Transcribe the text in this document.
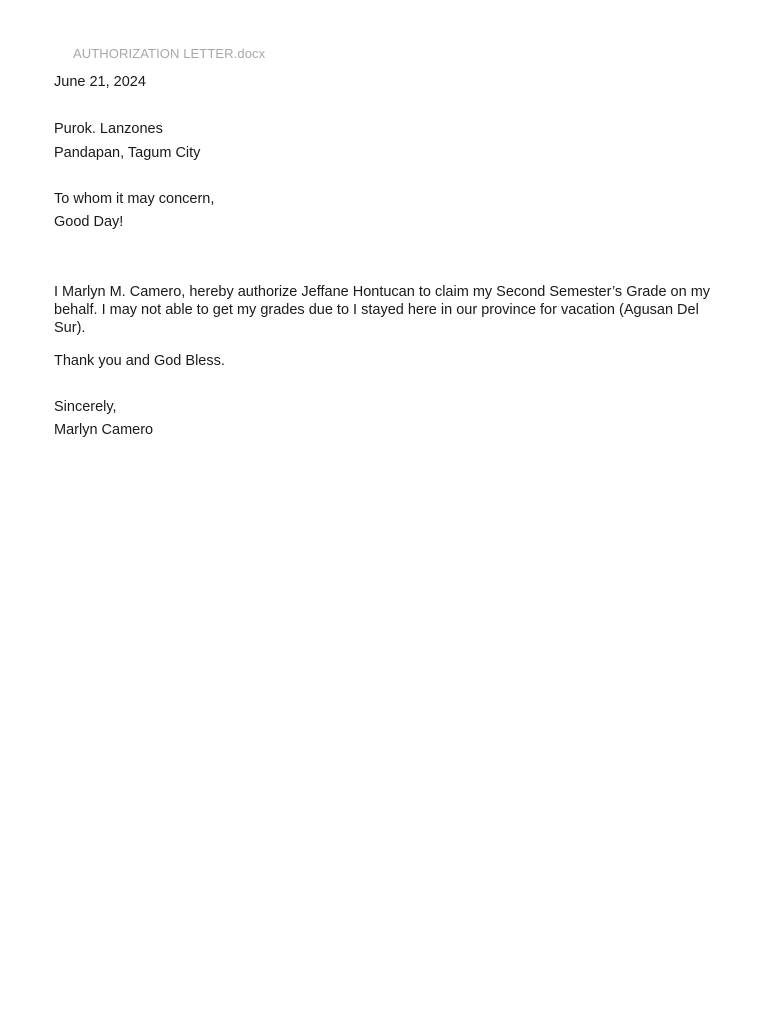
AUTHORIZATION LETTER.docx

June 21, 2024

Purok. Lanzones

Pandapan, Tagum City

To whom it may concern,

Good Day!

I Marlyn M. Camero, hereby authorize Jeffane Hontucan to claim my Second Semester’s Grade on my behalf. I may not able to get my grades due to I stayed here in our province for vacation (Agusan Del Sur).

Thank you and God Bless.

Sincerely,

Marlyn Camero
